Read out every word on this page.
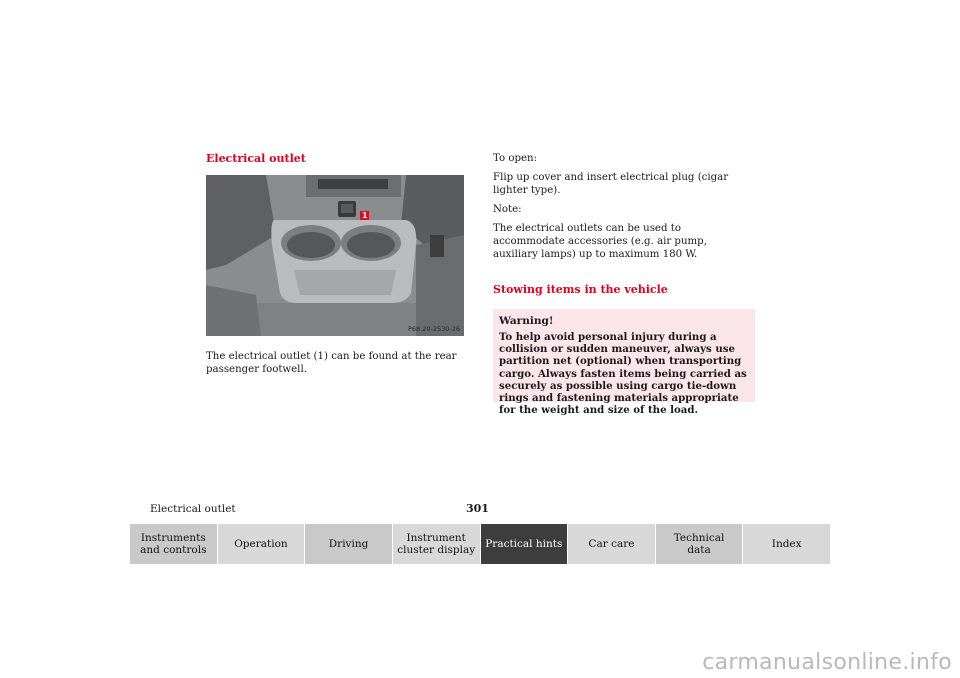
Electrical outlet
1
P68.20-2530-26
The electrical outlet (1) can be found at the rear passenger footwell.

To open:

Flip up cover and insert electrical plug (cigar lighter type).

Note:

The electrical outlets can be used to accommodate accessories (e.g. air pump, auxiliary lamps) up to maximum 180 W.

Stowing items in the vehicle
Warning!
To help avoid personal injury during a collision or sudden maneuver, always use partition net (optional) when transporting cargo. Always fasten items being carried as securely as possible using cargo tie-down rings and fastening materials appropriate for the weight and size of the load.
Electrical outlet	301
Instruments
and controls
Operation	Driving
Instrument
cluster display
Practical hints	Car care
Technical
data
Index
carmanualsonline.info
